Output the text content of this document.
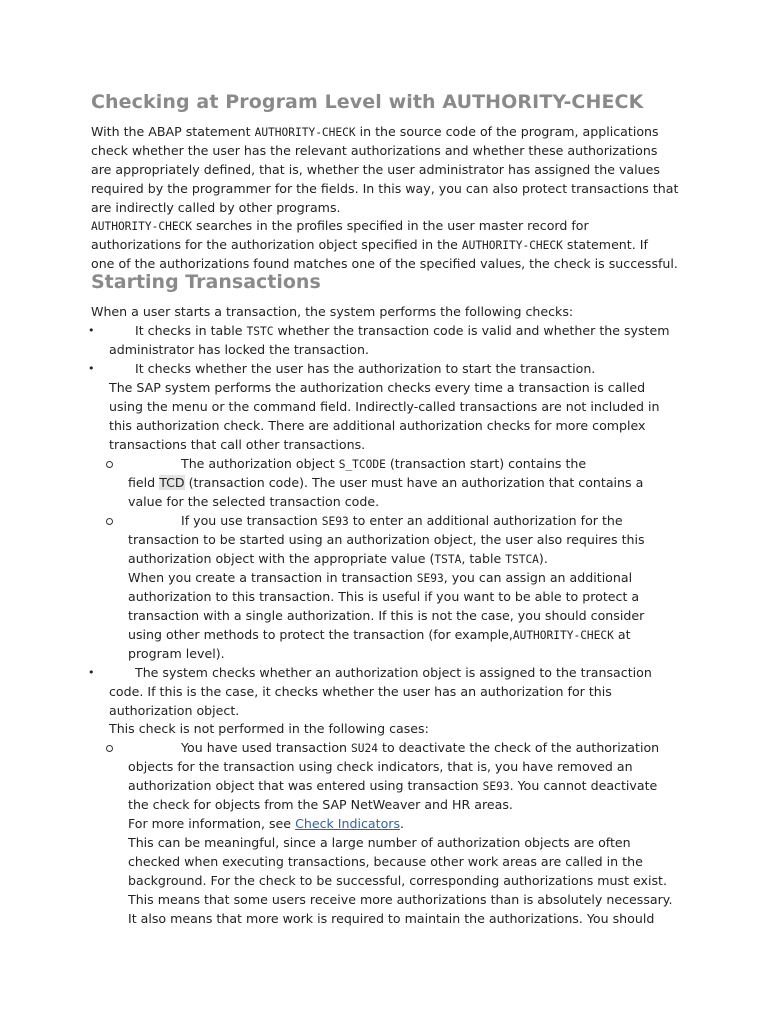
Checking at Program Level with AUTHORITY-CHECK
With the ABAP statement AUTHORITY-CHECK in the source code of the program, applications
check whether the user has the relevant authorizations and whether these authorizations
are appropriately defined, that is, whether the user administrator has assigned the values
required by the programmer for the fields. In this way, you can also protect transactions that
are indirectly called by other programs.
AUTHORITY-CHECK searches in the profiles specified in the user master record for
authorizations for the authorization object specified in the AUTHORITY-CHECK statement. If
one of the authorizations found matches one of the specified values, the check is successful.
Starting Transactions
When a user starts a transaction, the system performs the following checks:
•	It checks in table TSTC whether the transaction code is valid and whether the system
administrator has locked the transaction.
•	It checks whether the user has the authorization to start the transaction.
The SAP system performs the authorization checks every time a transaction is called
using the menu or the command field. Indirectly-called transactions are not included in
this authorization check. There are additional authorization checks for more complex
transactions that call other transactions.
The authorization object S_TCODE (transaction start) contains the
field TCD (transaction code). The user must have an authorization that contains a
value for the selected transaction code.
If you use transaction SE93 to enter an additional authorization for the
transaction to be started using an authorization object, the user also requires this
authorization object with the appropriate value (TSTA, table TSTCA).
When you create a transaction in transaction SE93, you can assign an additional
authorization to this transaction. This is useful if you want to be able to protect a
transaction with a single authorization. If this is not the case, you should consider
using other methods to protect the transaction (for example,AUTHORITY-CHECK at
program level).
•	The system checks whether an authorization object is assigned to the transaction
code. If this is the case, it checks whether the user has an authorization for this
authorization object.
This check is not performed in the following cases:
You have used transaction SU24 to deactivate the check of the authorization
objects for the transaction using check indicators, that is, you have removed an
authorization object that was entered using transaction SE93. You cannot deactivate
the check for objects from the SAP NetWeaver and HR areas.
For more information, see Check Indicators.
This can be meaningful, since a large number of authorization objects are often
checked when executing transactions, because other work areas are called in the
background. For the check to be successful, corresponding authorizations must exist.
This means that some users receive more authorizations than is absolutely necessary.
It also means that more work is required to maintain the authorizations. You should
